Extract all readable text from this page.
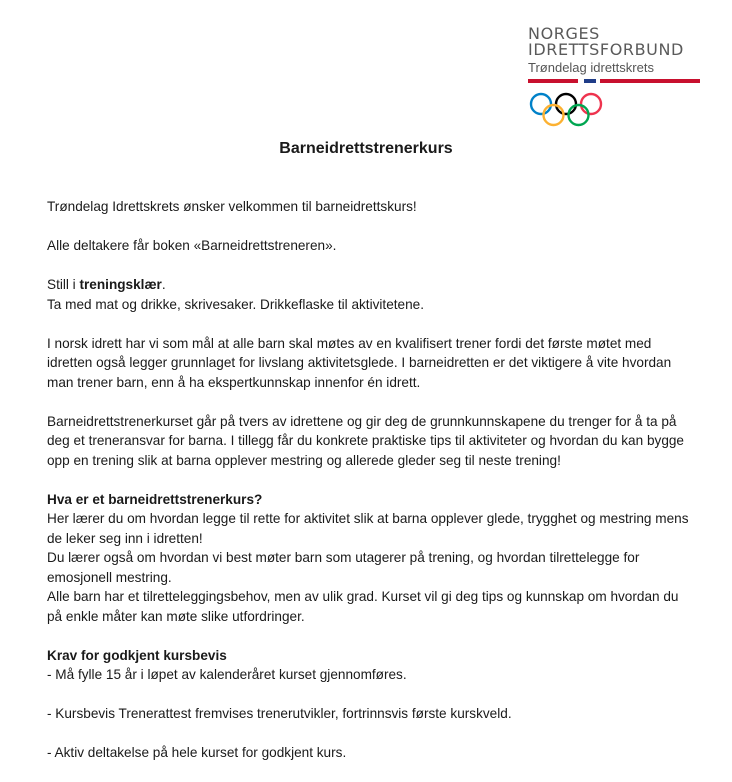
NORGES
IDRETTSFORBUND
Trøndelag idrettskrets
Barneidrettstrenerkurs

Trøndelag Idrettskrets ønsker velkommen til barneidrettskurs!

Alle deltakere får boken «Barneidrettstreneren».

Still i treningsklær.

Ta med mat og drikke, skrivesaker. Drikkeflaske til aktivitetene.

I norsk idrett har vi som mål at alle barn skal møtes av en kvalifisert trener fordi det første møtet med idretten også legger grunnlaget for livslang aktivitetsglede. I barneidretten er det viktigere å vite hvordan man trener barn, enn å ha ekspertkunnskap innenfor én idrett.

Barneidrettstrenerkurset går på tvers av idrettene og gir deg de grunnkunnskapene du trenger for å ta på deg et treneransvar for barna. I tillegg får du konkrete praktiske tips til aktiviteter og hvordan du kan bygge opp en trening slik at barna opplever mestring og allerede gleder seg til neste trening!

Hva er et barneidrettstrenerkurs?
Her lærer du om hvordan legge til rette for aktivitet slik at barna opplever glede, trygghet og mestring mens de leker seg inn i idretten!
Du lærer også om hvordan vi best møter barn som utagerer på trening, og hvordan tilrettelegge for emosjonell mestring.
Alle barn har et tilretteleggingsbehov, men av ulik grad. Kurset vil gi deg tips og kunnskap om hvordan du på enkle måter kan møte slike utfordringer.

Krav for godkjent kursbevis

- Må fylle 15 år i løpet av kalenderåret kurset gjennomføres.

- Kursbevis Trenerattest fremvises trenerutvikler, fortrinnsvis første kurskveld.

- Aktiv deltakelse på hele kurset for godkjent kurs.
